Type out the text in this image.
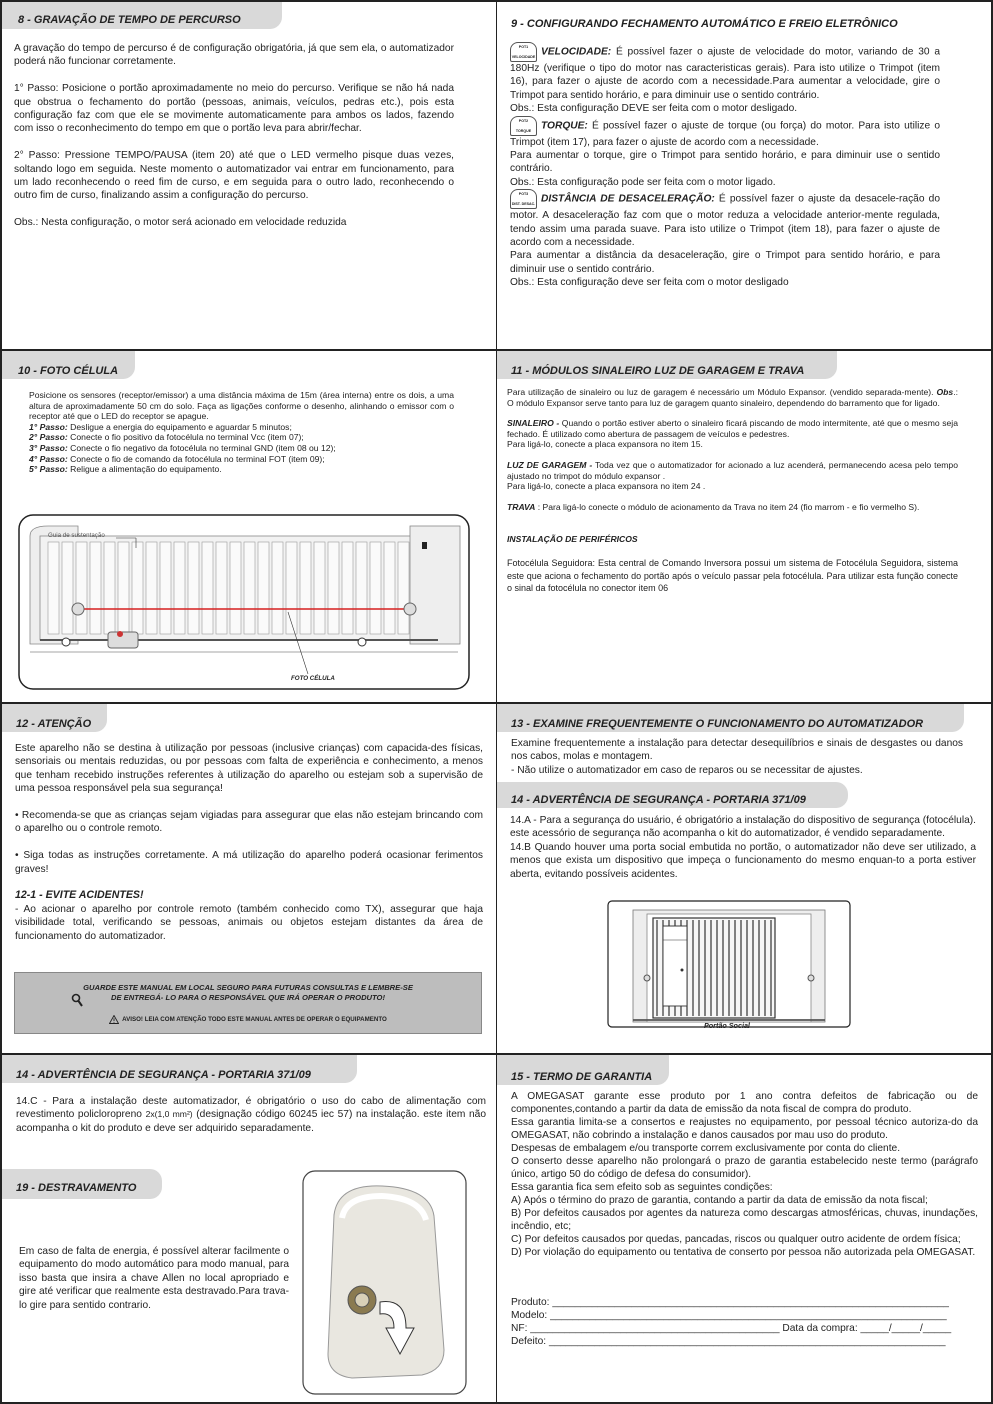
8 - GRAVAÇÃO DE TEMPO DE PERCURSO

A gravação do tempo de percurso é de configuração obrigatória, já que sem ela, o automatizador poderá não funcionar corretamente.

1° Passo: Posicione o portão aproximadamente no meio do percurso. Verifique se não há nada que obstrua o fechamento do portão (pessoas, animais, veículos, pedras etc.), pois esta configuração faz com que ele se movimente automaticamente para ambos os lados, fazendo com isso o reconhecimento do tempo em que o portão leva para abrir/fechar.

2° Passo: Pressione TEMPO/PAUSA (item 20) até que o LED vermelho pisque duas vezes, soltando logo em seguida. Neste momento o automatizador vai entrar em funcionamento, para um lado reconhecendo o reed fim de curso, e em seguida para o outro lado, reconhecendo o outro fim de curso, finalizando assim a configuração do percurso.

Obs.: Nesta configuração, o motor será acionado em velocidade reduzida

9 - CONFIGURANDO FECHAMENTO AUTOMÁTICO E FREIO ELETRÔNICO

POT1

VELOCIDADE VELOCIDADE: É possível fazer o ajuste de velocidade do motor, variando de 30 a 180Hz (verifique o tipo do motor nas caracteristicas gerais). Para isto utilize o Trimpot (item 16), para fazer o ajuste de acordo com a necessidade.Para aumentar a velocidade, gire o Trimpot para sentido horário, e para diminuir use o sentido contrário.

Obs.: Esta configuração DEVE ser feita com o motor desligado.

POT2

TORQUE TORQUE: É possível fazer o ajuste de torque (ou força) do motor. Para isto utilize o Trimpot (item 17), para fazer o ajuste de acordo com a necessidade.

Para aumentar o torque, gire o Trimpot para sentido horário, e para diminuir use o sentido contrário.

Obs.: Esta configuração pode ser feita com o motor ligado.

POT3

DIST. DESAC. DISTÂNCIA DE DESACELERAÇÃO: É possível fazer o ajuste da desacele-ração do motor. A desaceleração faz com que o motor reduza a velocidade anterior-mente regulada, tendo assim uma parada suave. Para isto utilize o Trimpot (item 18), para fazer o ajuste de acordo com a necessidade.

Para aumentar a distância da desaceleração, gire o Trimpot para sentido horário, e para diminuir use o sentido contrário.

Obs.: Esta configuração deve ser feita com o motor desligado

10 - FOTO CÉLULA

Posicione os sensores (receptor/emissor) a uma distância máxima de 15m (área interna) entre os dois, a uma altura de aproximadamente 50 cm do solo. Faça as ligações conforme o desenho, alinhando o emissor com o receptor até que o LED do receptor se apague.

1° Passo: Desligue a energia do equipamento e aguardar 5 minutos;

2° Passo: Conecte o fio positivo da fotocélula no terminal Vcc (item 07);

3° Passo: Conecte o fio negativo da fotocélula no terminal GND (item 08 ou 12);

4° Passo: Conecte o fio de comando da fotocélula no terminal FOT (item 09);

5° Passo: Religue a alimentação do equipamento.

Guia de sustentação
FOTO CÉLULA
11 - MÓDULOS SINALEIRO LUZ DE GARAGEM E TRAVA

Para utilização de sinaleiro ou luz de garagem é necessário um Módulo Expansor. (vendido separada-mente). Obs.: O módulo Expansor serve tanto para luz de garagem quanto sinaleiro, dependendo do barramento que for ligado.

SINALEIRO - Quando o portão estiver aberto o sinaleiro ficará piscando de modo intermitente, até que o mesmo seja fechado. É utilizado como abertura de passagem de veículos e pedestres.

Para ligá-lo, conecte a placa expansora no item 15.

LUZ DE GARAGEM - Toda vez que o automatizador for acionado a luz acenderá, permanecendo acesa pelo tempo ajustado no trimpot do módulo expansor .

Para ligá-lo, conecte a placa expansora no item 24 .

TRAVA : Para ligá-lo conecte o módulo de acionamento da Trava no item 24 (fio marrom - e fio vermelho S).

INSTALAÇÃO DE PERIFÉRICOS

Fotocélula Seguidora: Esta central de Comando Inversora possui um sistema de Fotocélula Seguidora, sistema este que aciona o fechamento do portão após o veículo passar pela fotocélula. Para utilizar esta função conecte o sinal da fotocélula no conector item 06

12 - ATENÇÃO

Este aparelho não se destina à utilização por pessoas (inclusive crianças) com capacida-des físicas, sensoriais ou mentais reduzidas, ou por pessoas com falta de experiência e conhecimento, a menos que tenham recebido instruções referentes à utilização do aparelho ou estejam sob a supervisão de uma pessoa responsável pela sua segurança!

• Recomenda-se que as crianças sejam vigiadas para assegurar que elas não estejam brincando com o aparelho ou o controle remoto.

• Siga todas as instruções corretamente. A má utilização do aparelho poderá ocasionar ferimentos graves!

12-1 - EVITE ACIDENTES!

- Ao acionar o aparelho por controle remoto (também conhecido como TX), assegurar que haja visibilidade total, verificando se pessoas, animais ou objetos estejam distantes da área de funcionamento do automatizador.

GUARDE ESTE MANUAL EM LOCAL SEGURO PARA FUTURAS CONSULTAS E LEMBRE-SE
DE ENTREGÁ- LO PARA O RESPONSÁVEL QUE IRÁ OPERAR O PRODUTO!
AVISO! LEIA COM ATENÇÃO TODO ESTE MANUAL ANTES DE OPERAR O EQUIPAMENTO
13 - EXAMINE FREQUENTEMENTE O FUNCIONAMENTO DO AUTOMATIZADOR

Examine frequentemente a instalação para detectar desequilíbrios e sinais de desgastes ou danos nos cabos, molas e montagem.

- Não utilize o automatizador em caso de reparos ou se necessitar de ajustes.

14 - ADVERTÊNCIA DE SEGURANÇA - PORTARIA 371/09

14.A - Para a segurança do usuário, é obrigatório a instalação do dispositivo de segurança (fotocélula). este acessório de segurança não acompanha o kit do automatizador, é vendido separadamente.

14.B Quando houver uma porta social embutida no portão, o automatizador não deve ser utilizado, a menos que exista um dispositivo que impeça o funcionamento do mesmo enquan-to a porta estiver aberta, evitando possíveis acidentes.

Portão Social
14 - ADVERTÊNCIA DE SEGURANÇA - PORTARIA 371/09

14.C - Para a instalação deste automatizador, é obrigatório o uso do cabo de alimentação com revestimento policloropreno 2x(1,0 mm²) (designação código 60245 iec 57) na instalação. este item não acompanha o kit do produto e deve ser adquirido separadamente.

19 - DESTRAVAMENTO

Em caso de falta de energia, é possível alterar facilmente o equipamento do modo automático para modo manual, para isso basta que insira a chave Allen no local apropriado e gire até verificar que realmente esta destravado.Para trava-lo gire para sentido contrario.

15 - TERMO DE GARANTIA

A OMEGASAT garante esse produto por 1 ano contra defeitos de fabricação ou de componentes,contando a partir da data de emissão da nota fiscal de compra do produto.

Essa garantia limita-se a consertos e reajustes no equipamento, por pessoal técnico autoriza-do da OMEGASAT, não cobrindo a instalação e danos causados por mau uso do produto.

Despesas de embalagem e/ou transporte correm exclusivamente por conta do cliente.

O conserto desse aparelho não prolongará o prazo de garantia estabelecido neste termo (parágrafo único, artigo 50 do código de defesa do consumidor).

Essa garantia fica sem efeito sob as seguintes condições:

A) Após o término do prazo de garantia, contando a partir da data de emissão da nota fiscal;

B) Por defeitos causados por agentes da natureza como descargas atmosféricas, chuvas, inundações, incêndio, etc;

C) Por defeitos causados por quedas, pancadas, riscos ou qualquer outro acidente de ordem física;

D) Por violação do equipamento ou tentativa de conserto por pessoa não autorizada pela OMEGASAT.

Produto: ______________________________________________________________________

Modelo: ______________________________________________________________________

NF: ____________________________________________ Data da compra: _____/_____/_____

Defeito: ______________________________________________________________________
